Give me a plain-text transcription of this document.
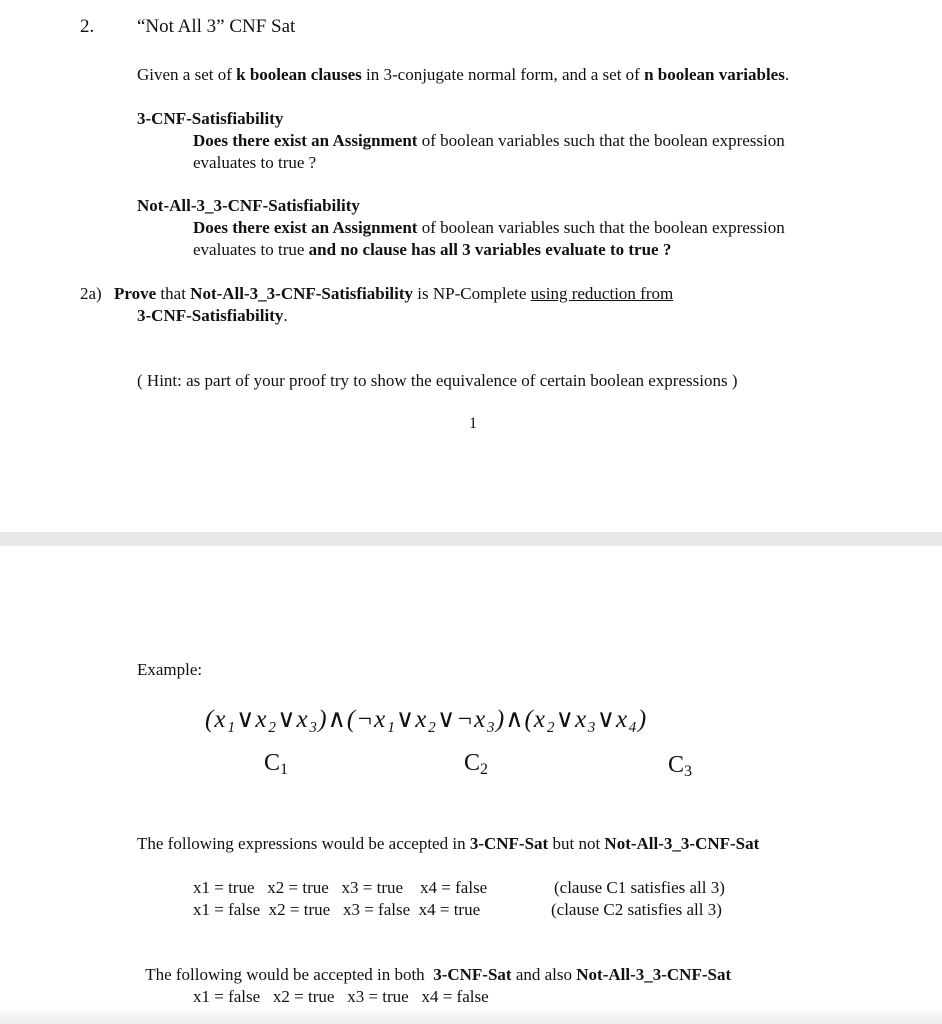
2. “Not All 3” CNF Sat
Given a set of k boolean clauses in 3-conjugate normal form, and a set of n boolean variables.
3-CNF-Satisfiability
Does there exist an Assignment of boolean variables such that the boolean expression
evaluates to true ?
Not-All-3_3-CNF-Satisfiability
Does there exist an Assignment of boolean variables such that the boolean expression
evaluates to true and no clause has all 3 variables evaluate to true ?
2a) Prove that Not-All-3_3-CNF-Satisfiability is NP-Complete using reduction from
3-CNF-Satisfiability.
( Hint: as part of your proof try to show the equivalence of certain boolean expressions )
1
Example:
(x₁∨x₂∨x₃)∧(¬x₁∨x₂∨¬x₃)∧(x₂∨x₃∨x₄)
$C_1$	$C_2$	$C_3$
The following expressions would be accepted in 3-CNF-Sat but not Not-All-3_3-CNF-Sat
x1 = true   x2 = true   x3 = true    x4 = false	(clause C1 satisfies all 3)
x1 = false  x2 = true   x3 = false  x4 = true	(clause C2 satisfies all 3)

The following would be accepted in both  3-CNF-Sat and also Not-All-3_3-CNF-Sat

x1 = false   x2 = true   x3 = true   x4 = false
